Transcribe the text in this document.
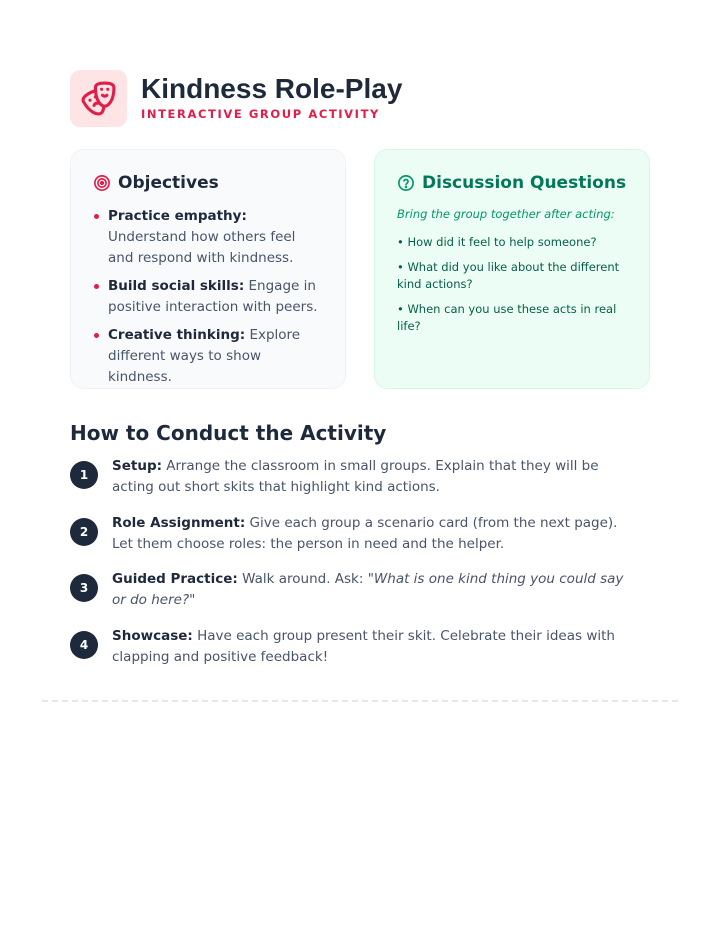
Kindness Role-Play
INTERACTIVE GROUP ACTIVITY
Objectives
Practice empathy: Understand how others feel and respond with kindness.
Build social skills: Engage in positive interaction with peers.
Creative thinking: Explore different ways to show kindness.
Discussion Questions
Bring the group together after acting:
• How did it feel to help someone?
• What did you like about the different kind actions?
• When can you use these acts in real life?
How to Conduct the Activity
1
Setup: Arrange the classroom in small groups. Explain that they will be acting out short skits that highlight kind actions.
2
Role Assignment: Give each group a scenario card (from the next page). Let them choose roles: the person in need and the helper.
3
Guided Practice: Walk around. Ask: "What is one kind thing you could say or do here?"
4
Showcase: Have each group present their skit. Celebrate their ideas with clapping and positive feedback!
